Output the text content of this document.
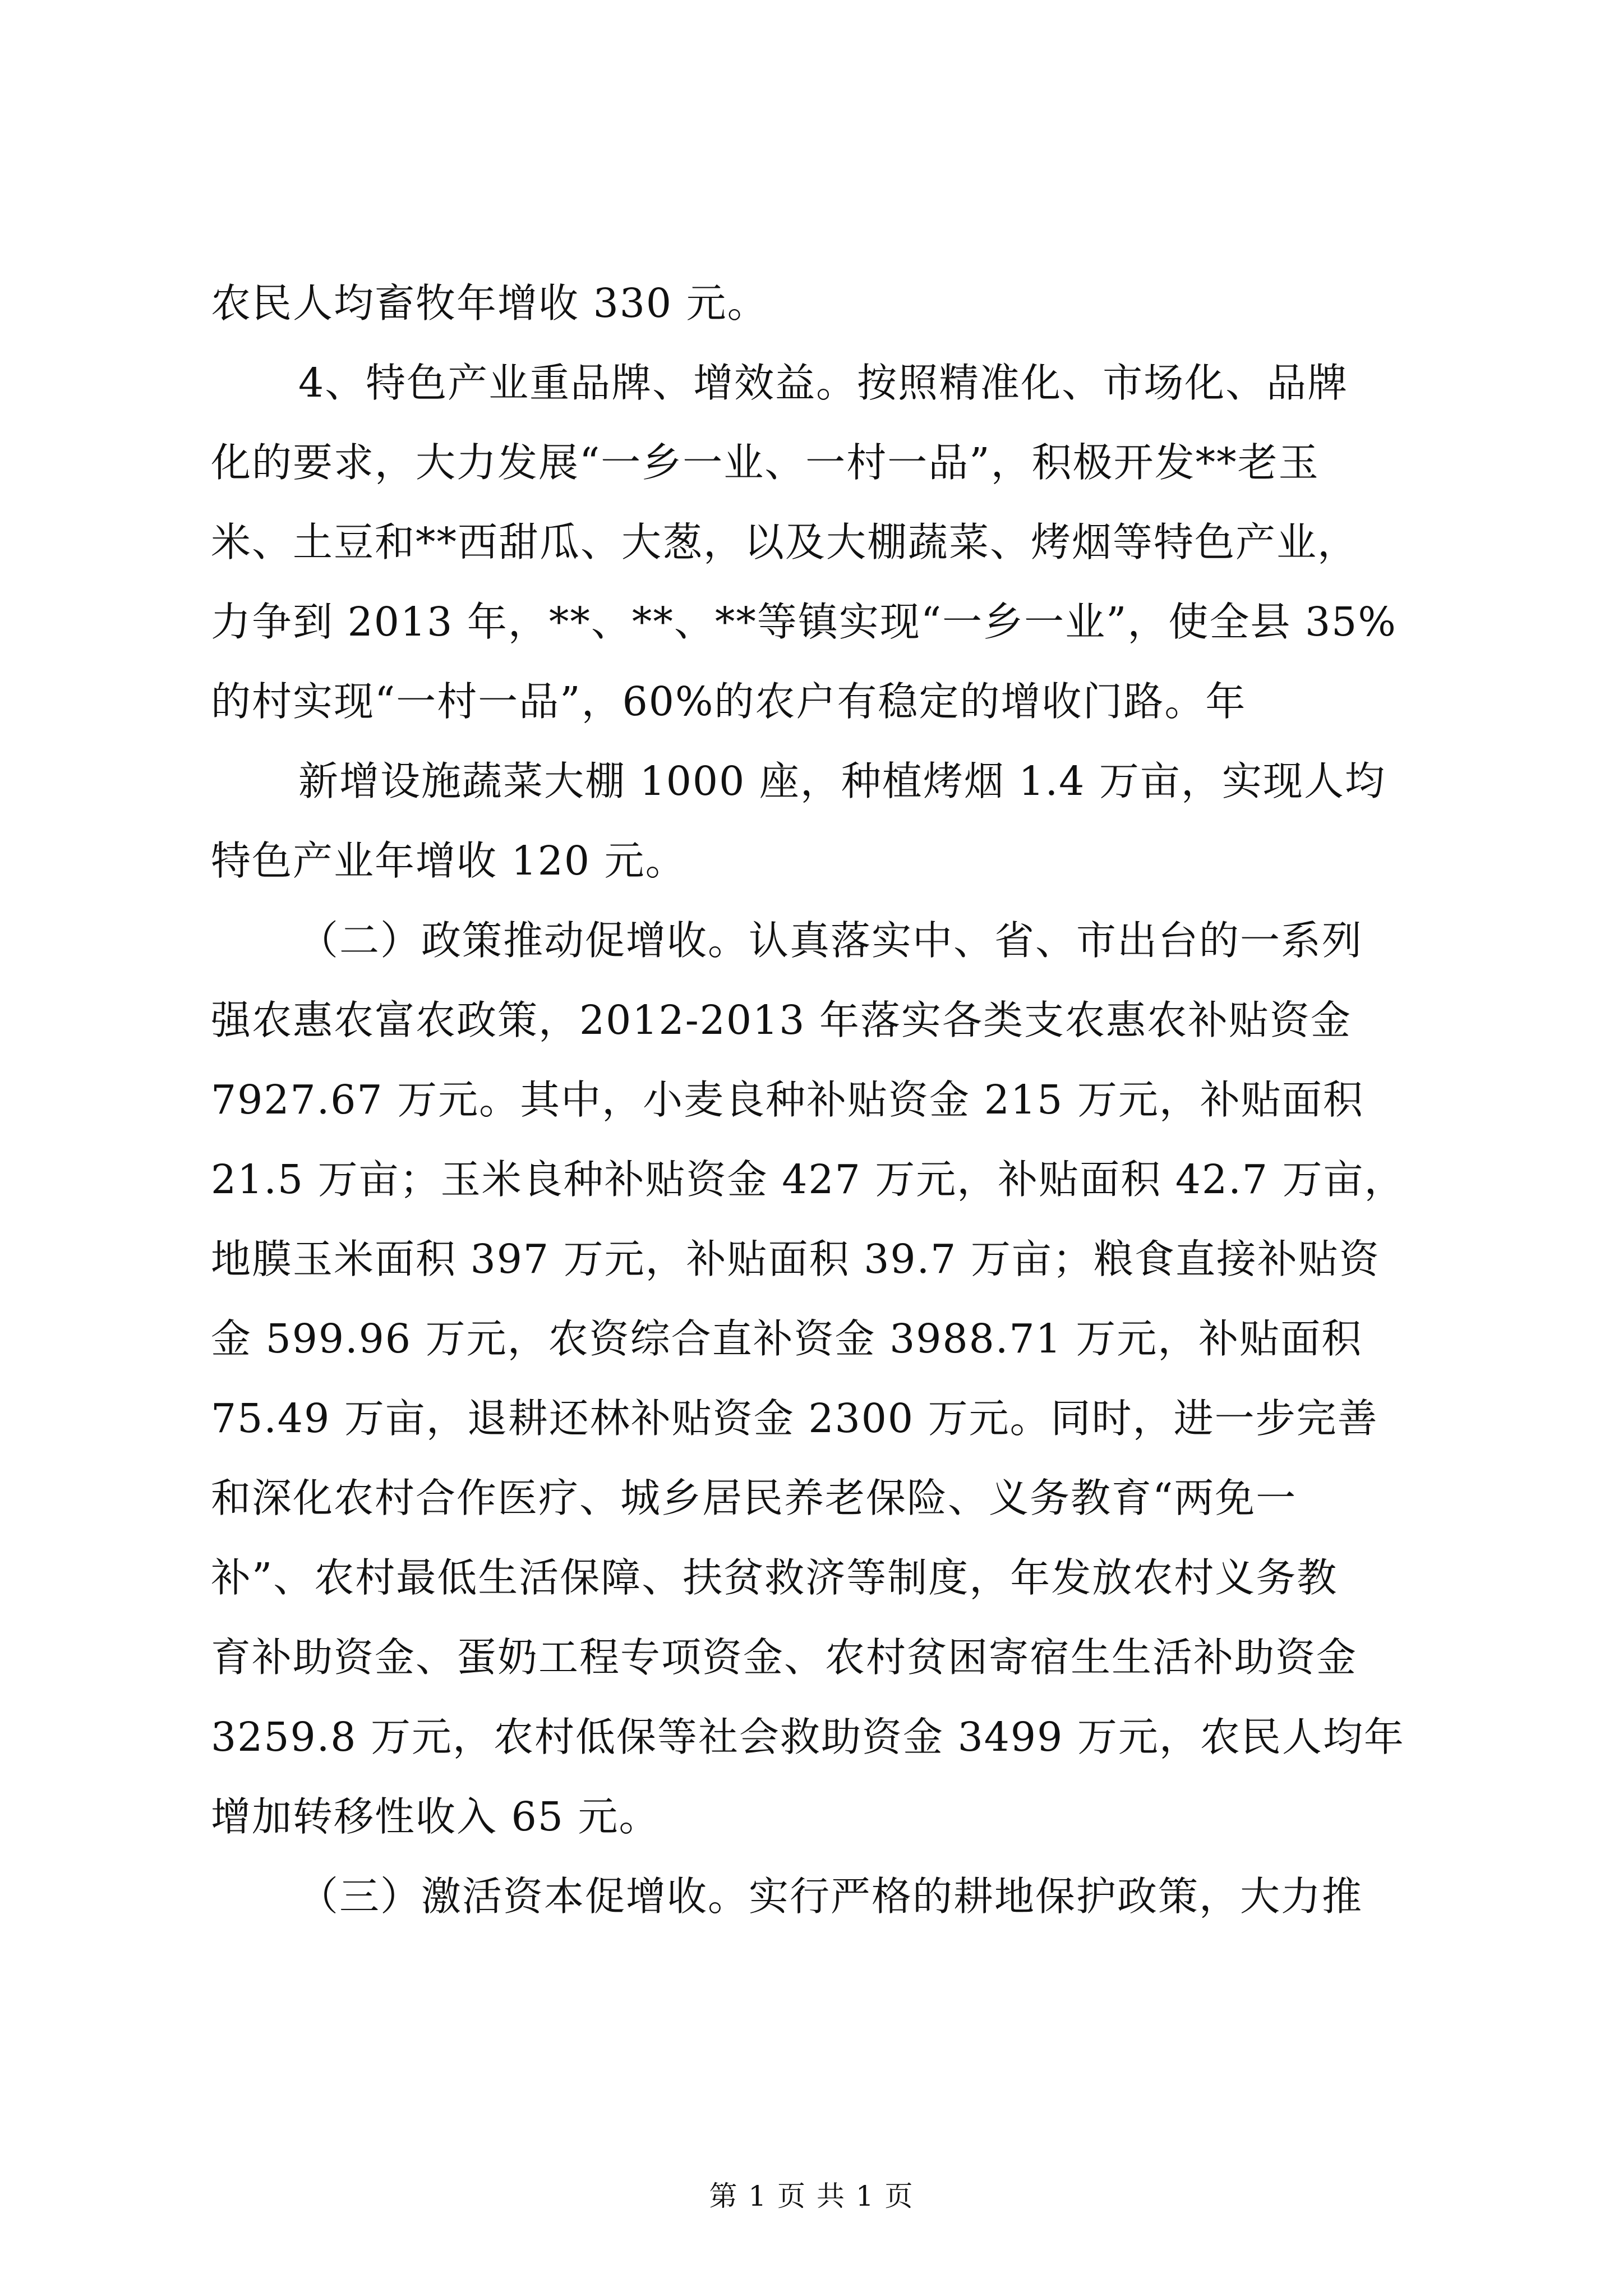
农民人均畜牧年增收 330 元。
4、特色产业重品牌、增效益。按照精准化、市场化、品牌
化的要求，大力发展“一乡一业、一村一品”，积极开发**老玉
米、土豆和**西甜瓜、大葱，以及大棚蔬菜、烤烟等特色产业，
力争到 2013 年，**、**、**等镇实现“一乡一业”，使全县 35%
的村实现“一村一品”，60%的农户有稳定的增收门路。年
新增设施蔬菜大棚 1000 座，种植烤烟 1.4 万亩，实现人均
特色产业年增收 120 元。
（二）政策推动促增收。认真落实中、省、市出台的一系列
强农惠农富农政策，2012-2013 年落实各类支农惠农补贴资金
7927.67 万元。其中，小麦良种补贴资金 215 万元，补贴面积
21.5 万亩；玉米良种补贴资金 427 万元，补贴面积 42.7 万亩，
地膜玉米面积 397 万元，补贴面积 39.7 万亩；粮食直接补贴资
金 599.96 万元，农资综合直补资金 3988.71 万元，补贴面积
75.49 万亩，退耕还林补贴资金 2300 万元。同时，进一步完善
和深化农村合作医疗、城乡居民养老保险、义务教育“两免一
补”、农村最低生活保障、扶贫救济等制度，年发放农村义务教
育补助资金、蛋奶工程专项资金、农村贫困寄宿生生活补助资金
3259.8 万元，农村低保等社会救助资金 3499 万元，农民人均年
增加转移性收入 65 元。
（三）激活资本促增收。实行严格的耕地保护政策，大力推
第 1 页 共 1 页
